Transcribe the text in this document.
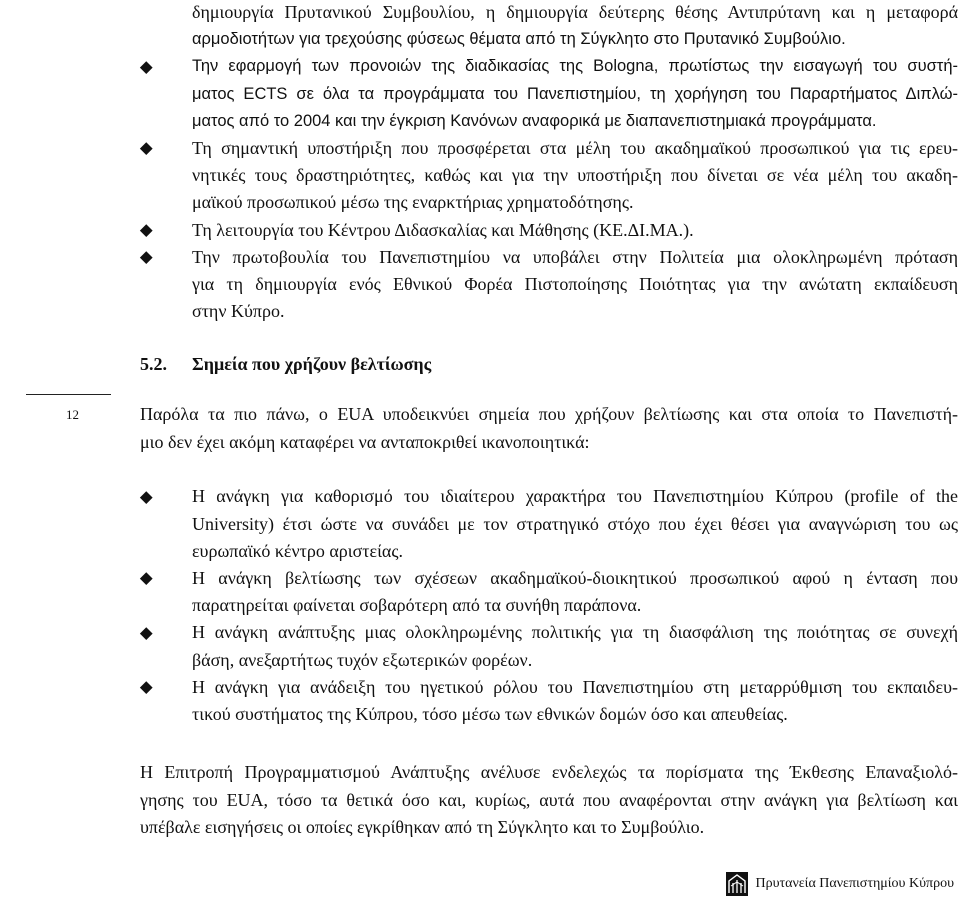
δημιουργία Πρυτανικού Συμβουλίου, η δημιουργία δεύτερης θέσης Αντιπρύτανη και η μεταφορά
αρμοδιοτήτων για τρεχούσης φύσεως θέματα από τη Σύγκλητο στο Πρυτανικό Συμβούλιο.
Την εφαρμογή των προνοιών της διαδικασίας της Bologna, πρωτίστως την εισαγωγή του συστή-
ματος ECTS σε όλα τα προγράμματα του Πανεπιστημίου, τη χορήγηση του Παραρτήματος Διπλώ-
ματος από το 2004 και την έγκριση Κανόνων αναφορικά με διαπανεπιστημιακά προγράμματα.
Τη σημαντική υποστήριξη που προσφέρεται στα μέλη του ακαδημαϊκού προσωπικού για τις ερευ-
νητικές τους δραστηριότητες, καθώς και για την υποστήριξη που δίνεται σε νέα μέλη του ακαδη-
μαϊκού προσωπικού μέσω της εναρκτήριας χρηματοδότησης.
Τη λειτουργία του Κέντρου Διδασκαλίας και Μάθησης (ΚΕ.ΔΙ.ΜΑ.).
Την πρωτοβουλία του Πανεπιστημίου να υποβάλει στην Πολιτεία μια ολοκληρωμένη πρόταση
για τη δημιουργία ενός Εθνικού Φορέα Πιστοποίησης Ποιότητας για την ανώτατη εκπαίδευση
στην Κύπρο.
5.2. Σημεία που χρήζουν βελτίωσης
12	Παρόλα τα πιο πάνω, ο EUA υποδεικνύει σημεία που χρήζουν βελτίωσης και στα οποία το Πανεπιστή-
μιο δεν έχει ακόμη καταφέρει να ανταποκριθεί ικανοποιητικά:
Η ανάγκη για καθορισμό του ιδιαίτερου χαρακτήρα του Πανεπιστημίου Κύπρου (profile of the
University) έτσι ώστε να συνάδει με τον στρατηγικό στόχο που έχει θέσει για αναγνώριση του ως
ευρωπαϊκό κέντρο αριστείας.
Η ανάγκη βελτίωσης των σχέσεων ακαδημαϊκού-διοικητικού προσωπικού αφού η ένταση που
παρατηρείται φαίνεται σοβαρότερη από τα συνήθη παράπονα.
Η ανάγκη ανάπτυξης μιας ολοκληρωμένης πολιτικής για τη διασφάλιση της ποιότητας σε συνεχή
βάση, ανεξαρτήτως τυχόν εξωτερικών φορέων.
Η ανάγκη για ανάδειξη του ηγετικού ρόλου του Πανεπιστημίου στη μεταρρύθμιση του εκπαιδευ-
τικού συστήματος της Κύπρου, τόσο μέσω των εθνικών δομών όσο και απευθείας.
Η Επιτροπή Προγραμματισμού Ανάπτυξης ανέλυσε ενδελεχώς τα πορίσματα της Έκθεσης Επαναξιολό-
γησης του EUA, τόσο τα θετικά όσο και, κυρίως, αυτά που αναφέρονται στην ανάγκη για βελτίωση και
υπέβαλε εισηγήσεις οι οποίες εγκρίθηκαν από τη Σύγκλητο και το Συμβούλιο.
Πρυτανεία Πανεπιστημίου Κύπρου
